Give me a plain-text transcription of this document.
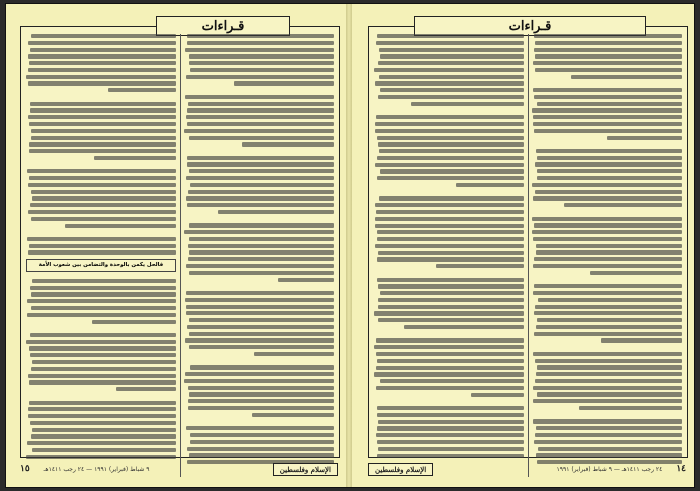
قـراءات
فالحل يكمن بالوحدة والتضامن بين شعوب الأمة
١٥ ٩ شباط (فبراير) ١٩٩١ — ٢٤ رجب ١٤١١هـ	الإسلام وفلسطين
قـراءات
الإسلام وفلسطين	٢٤ رجب ١٤١١هـ — ٩ شباط (فبراير) ١٩٩١ ١٤
